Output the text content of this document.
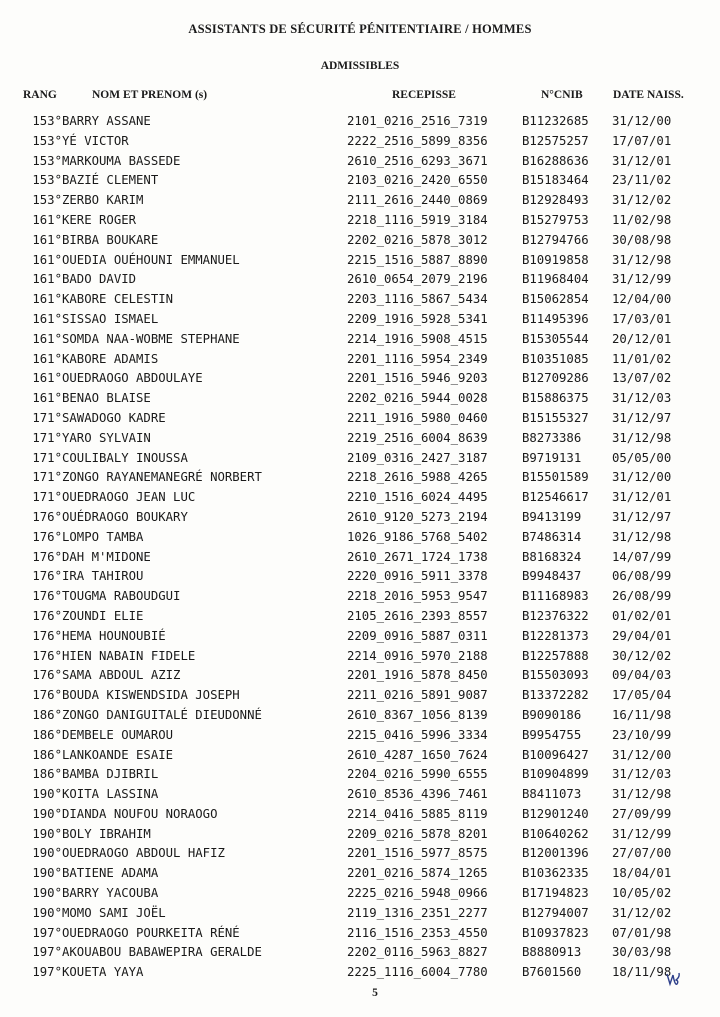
ASSISTANTS DE SÉCURITÉ PÉNITENTIAIRE / HOMMES
ADMISSIBLES
RANG	NOM ET PRENOM (s)	RECEPISSE	N°CNIB	DATE NAISS.
153° BARRY ASSANE	2101_0216_2516_7319	B11232685 31/12/00
153° YÉ VICTOR	2222_2516_5899_8356	B12575257 17/07/01
153° MARKOUMA BASSEDE	2610_2516_6293_3671	B16288636 31/12/01
153° BAZIÉ CLEMENT	2103_0216_2420_6550	B15183464 23/11/02
153° ZERBO KARIM	2111_2616_2440_0869	B12928493 31/12/02
161° KERE ROGER	2218_1116_5919_3184	B15279753 11/02/98
161° BIRBA BOUKARE	2202_0216_5878_3012	B12794766 30/08/98
161° OUEDIA OUÉHOUNI EMMANUEL	2215_1516_5887_8890	B10919858 31/12/98
161° BADO DAVID	2610_0654_2079_2196	B11968404 31/12/99
161° KABORE CELESTIN	2203_1116_5867_5434	B15062854 12/04/00
161° SISSAO ISMAEL	2209_1916_5928_5341	B11495396 17/03/01
161° SOMDA NAA-WOBME STEPHANE	2214_1916_5908_4515	B15305544 20/12/01
161° KABORE ADAMIS	2201_1116_5954_2349	B10351085 11/01/02
161° OUEDRAOGO ABDOULAYE	2201_1516_5946_9203	B12709286 13/07/02
161° BENAO BLAISE	2202_0216_5944_0028	B15886375 31/12/03
171° SAWADOGO KADRE	2211_1916_5980_0460	B15155327 31/12/97
171° YARO SYLVAIN	2219_2516_6004_8639	B8273386	31/12/98
171° COULIBALY INOUSSA	2109_0316_2427_3187	B9719131	05/05/00
171° ZONGO RAYANEMANEGRÉ NORBERT	2218_2616_5988_4265	B15501589 31/12/00
171° OUEDRAOGO JEAN LUC	2210_1516_6024_4495	B12546617 31/12/01
176° OUÉDRAOGO BOUKARY	2610_9120_5273_2194	B9413199	31/12/97
176° LOMPO TAMBA	1026_9186_5768_5402	B7486314	31/12/98
176° DAH M'MIDONE	2610_2671_1724_1738	B8168324	14/07/99
176° IRA TAHIROU	2220_0916_5911_3378	B9948437	06/08/99
176° TOUGMA RABOUDGUI	2218_2016_5953_9547	B11168983 26/08/99
176° ZOUNDI ELIE	2105_2616_2393_8557	B12376322 01/02/01
176° HEMA HOUNOUBIÉ	2209_0916_5887_0311	B12281373 29/04/01
176° HIEN NABAIN FIDELE	2214_0916_5970_2188	B12257888 30/12/02
176° SAMA ABDOUL AZIZ	2201_1916_5878_8450	B15503093 09/04/03
176° BOUDA KISWENDSIDA JOSEPH	2211_0216_5891_9087	B13372282 17/05/04
186° ZONGO DANIGUITALÉ DIEUDONNÉ	2610_8367_1056_8139	B9090186	16/11/98
186° DEMBELE OUMAROU	2215_0416_5996_3334	B9954755	23/10/99
186° LANKOANDE ESAIE	2610_4287_1650_7624	B10096427 31/12/00
186° BAMBA DJIBRIL	2204_0216_5990_6555	B10904899 31/12/03
190° KOITA LASSINA	2610_8536_4396_7461	B8411073	31/12/98
190° DIANDA NOUFOU NORAOGO	2214_0416_5885_8119	B12901240 27/09/99
190° BOLY IBRAHIM	2209_0216_5878_8201	B10640262 31/12/99
190° OUEDRAOGO ABDOUL HAFIZ	2201_1516_5977_8575	B12001396 27/07/00
190° BATIENE ADAMA	2201_0216_5874_1265	B10362335 18/04/01
190° BARRY YACOUBA	2225_0216_5948_0966	B17194823 10/05/02
190° MOMO SAMI JOËL	2119_1316_2351_2277	B12794007 31/12/02
197° OUEDRAOGO POURKEITA RÉNÉ	2116_1516_2353_4550	B10937823 07/01/98
197° AKOUABOU BABAWEPIRA GERALDE	2202_0116_5963_8827	B8880913	30/03/98
197° KOUETA YAYA	2225_1116_6004_7780	B7601560	18/11/98
5
